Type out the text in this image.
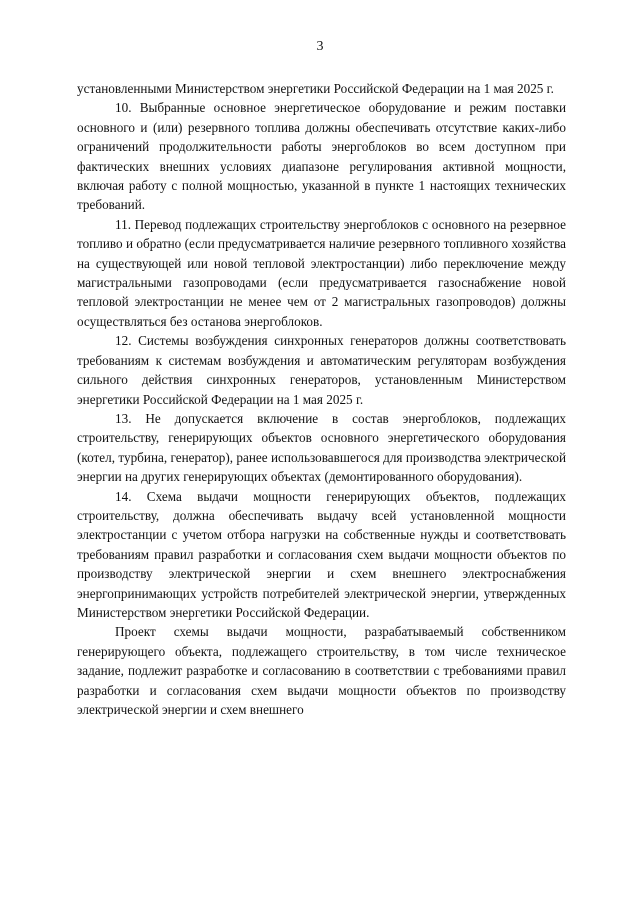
3

установленными Министерством энергетики Российской Федерации на 1 мая 2025 г.

10. Выбранные основное энергетическое оборудование и режим поставки основного и (или) резервного топлива должны обеспечивать отсутствие каких-либо ограничений продолжительности работы энергоблоков во всем доступном при фактических внешних условиях диапазоне регулирования активной мощности, включая работу с полной мощностью, указанной в пункте 1 настоящих технических требований.

11. Перевод подлежащих строительству энергоблоков с основного на резервное топливо и обратно (если предусматривается наличие резервного топливного хозяйства на существующей или новой тепловой электростанции) либо переключение между магистральными газопроводами (если предусматривается газоснабжение новой тепловой электростанции не менее чем от 2 магистральных газопроводов) должны осуществляться без останова энергоблоков.

12. Системы возбуждения синхронных генераторов должны соответствовать требованиям к системам возбуждения и автоматическим регуляторам возбуждения сильного действия синхронных генераторов, установленным Министерством энергетики Российской Федерации на 1 мая 2025 г.

13. Не допускается включение в состав энергоблоков, подлежащих строительству, генерирующих объектов основного энергетического оборудования (котел, турбина, генератор), ранее использовавшегося для производства электрической энергии на других генерирующих объектах (демонтированного оборудования).

14. Схема выдачи мощности генерирующих объектов, подлежащих строительству, должна обеспечивать выдачу всей установленной мощности электростанции с учетом отбора нагрузки на собственные нужды и соответствовать требованиям правил разработки и согласования схем выдачи мощности объектов по производству электрической энергии и схем внешнего электроснабжения энергопринимающих устройств потребителей электрической энергии, утвержденных Министерством энергетики Российской Федерации.

Проект схемы выдачи мощности, разрабатываемый собственником генерирующего объекта, подлежащего строительству, в том числе техническое задание, подлежит разработке и согласованию в соответствии с требованиями правил разработки и согласования схем выдачи мощности объектов по производству электрической энергии и схем внешнего
